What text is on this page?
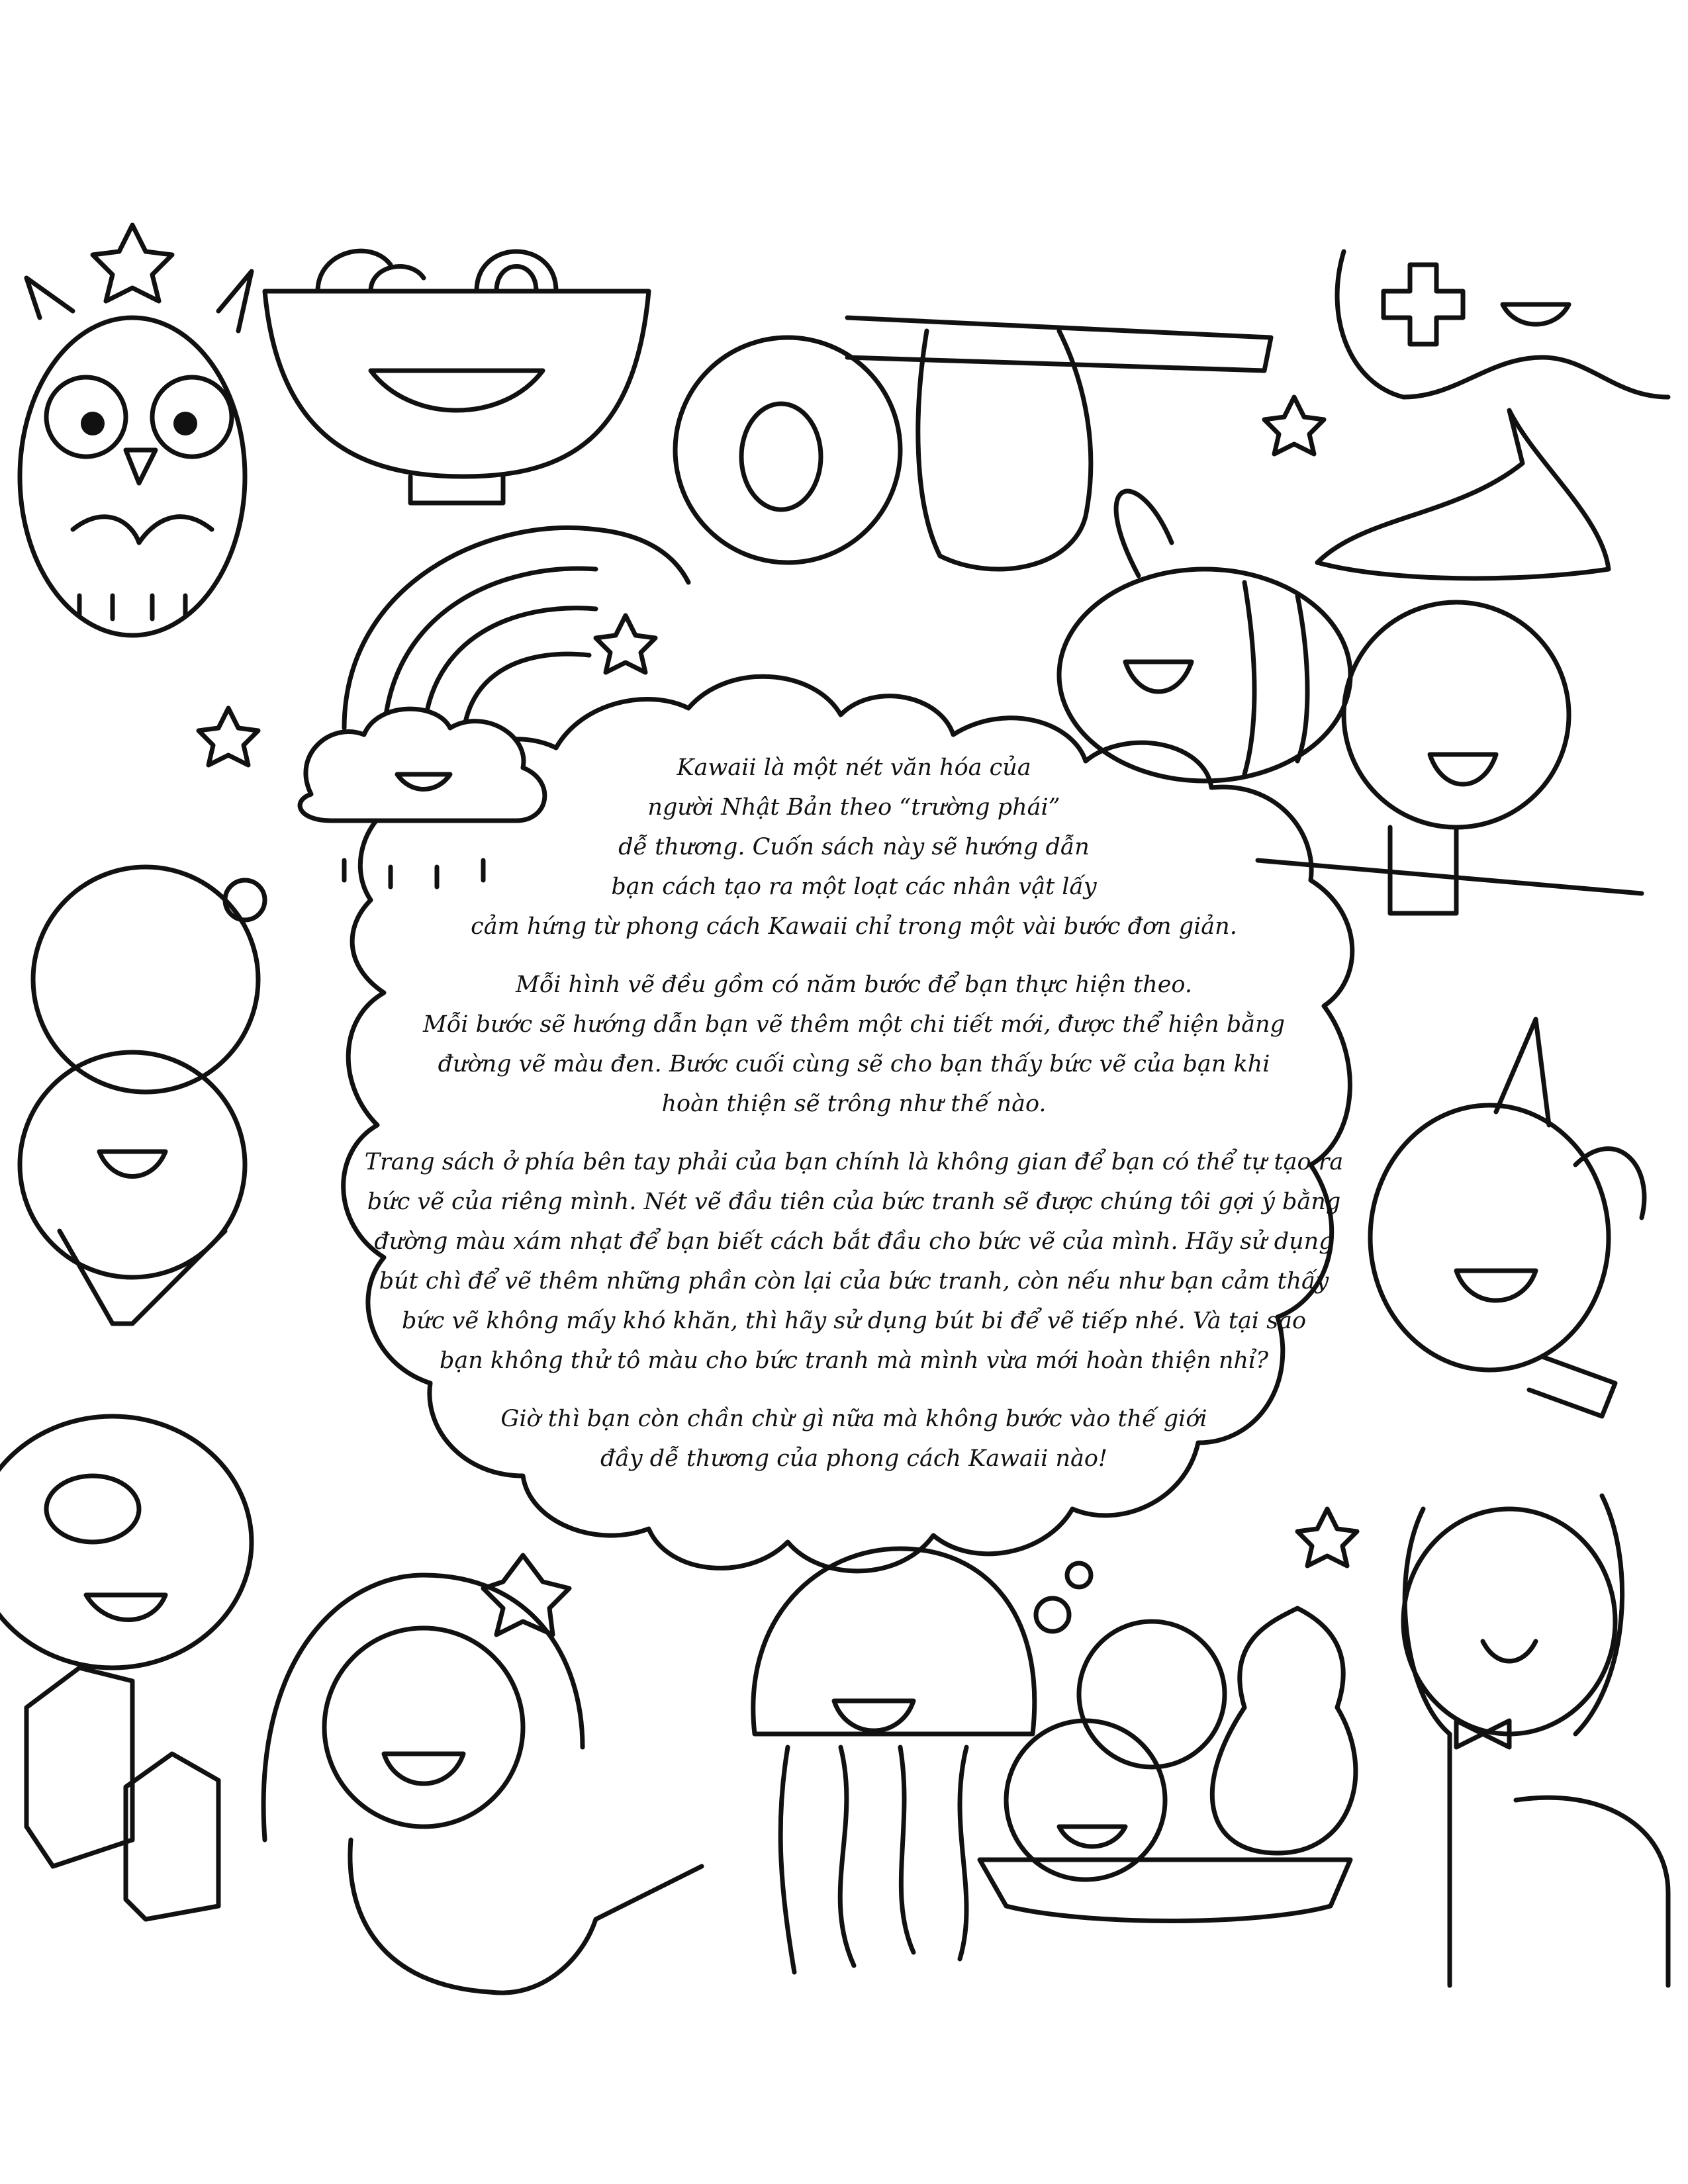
Kawaii là một nét văn hóa của
người Nhật Bản theo “trường phái”
dễ thương. Cuốn sách này sẽ hướng dẫn
bạn cách tạo ra một loạt các nhân vật lấy
cảm hứng từ phong cách Kawaii chỉ trong một vài bước đơn giản.

Mỗi hình vẽ đều gồm có năm bước để bạn thực hiện theo.
Mỗi bước sẽ hướng dẫn bạn vẽ thêm một chi tiết mới, được thể hiện bằng
đường vẽ màu đen. Bước cuối cùng sẽ cho bạn thấy bức vẽ của bạn khi
hoàn thiện sẽ trông như thế nào.

Trang sách ở phía bên tay phải của bạn chính là không gian để bạn có thể tự tạo ra
bức vẽ của riêng mình. Nét vẽ đầu tiên của bức tranh sẽ được chúng tôi gợi ý bằng
đường màu xám nhạt để bạn biết cách bắt đầu cho bức vẽ của mình. Hãy sử dụng
bút chì để vẽ thêm những phần còn lại của bức tranh, còn nếu như bạn cảm thấy
bức vẽ không mấy khó khăn, thì hãy sử dụng bút bi để vẽ tiếp nhé. Và tại sao
bạn không thử tô màu cho bức tranh mà mình vừa mới hoàn thiện nhỉ?

Giờ thì bạn còn chần chừ gì nữa mà không bước vào thế giới
đầy dễ thương của phong cách Kawaii nào!
